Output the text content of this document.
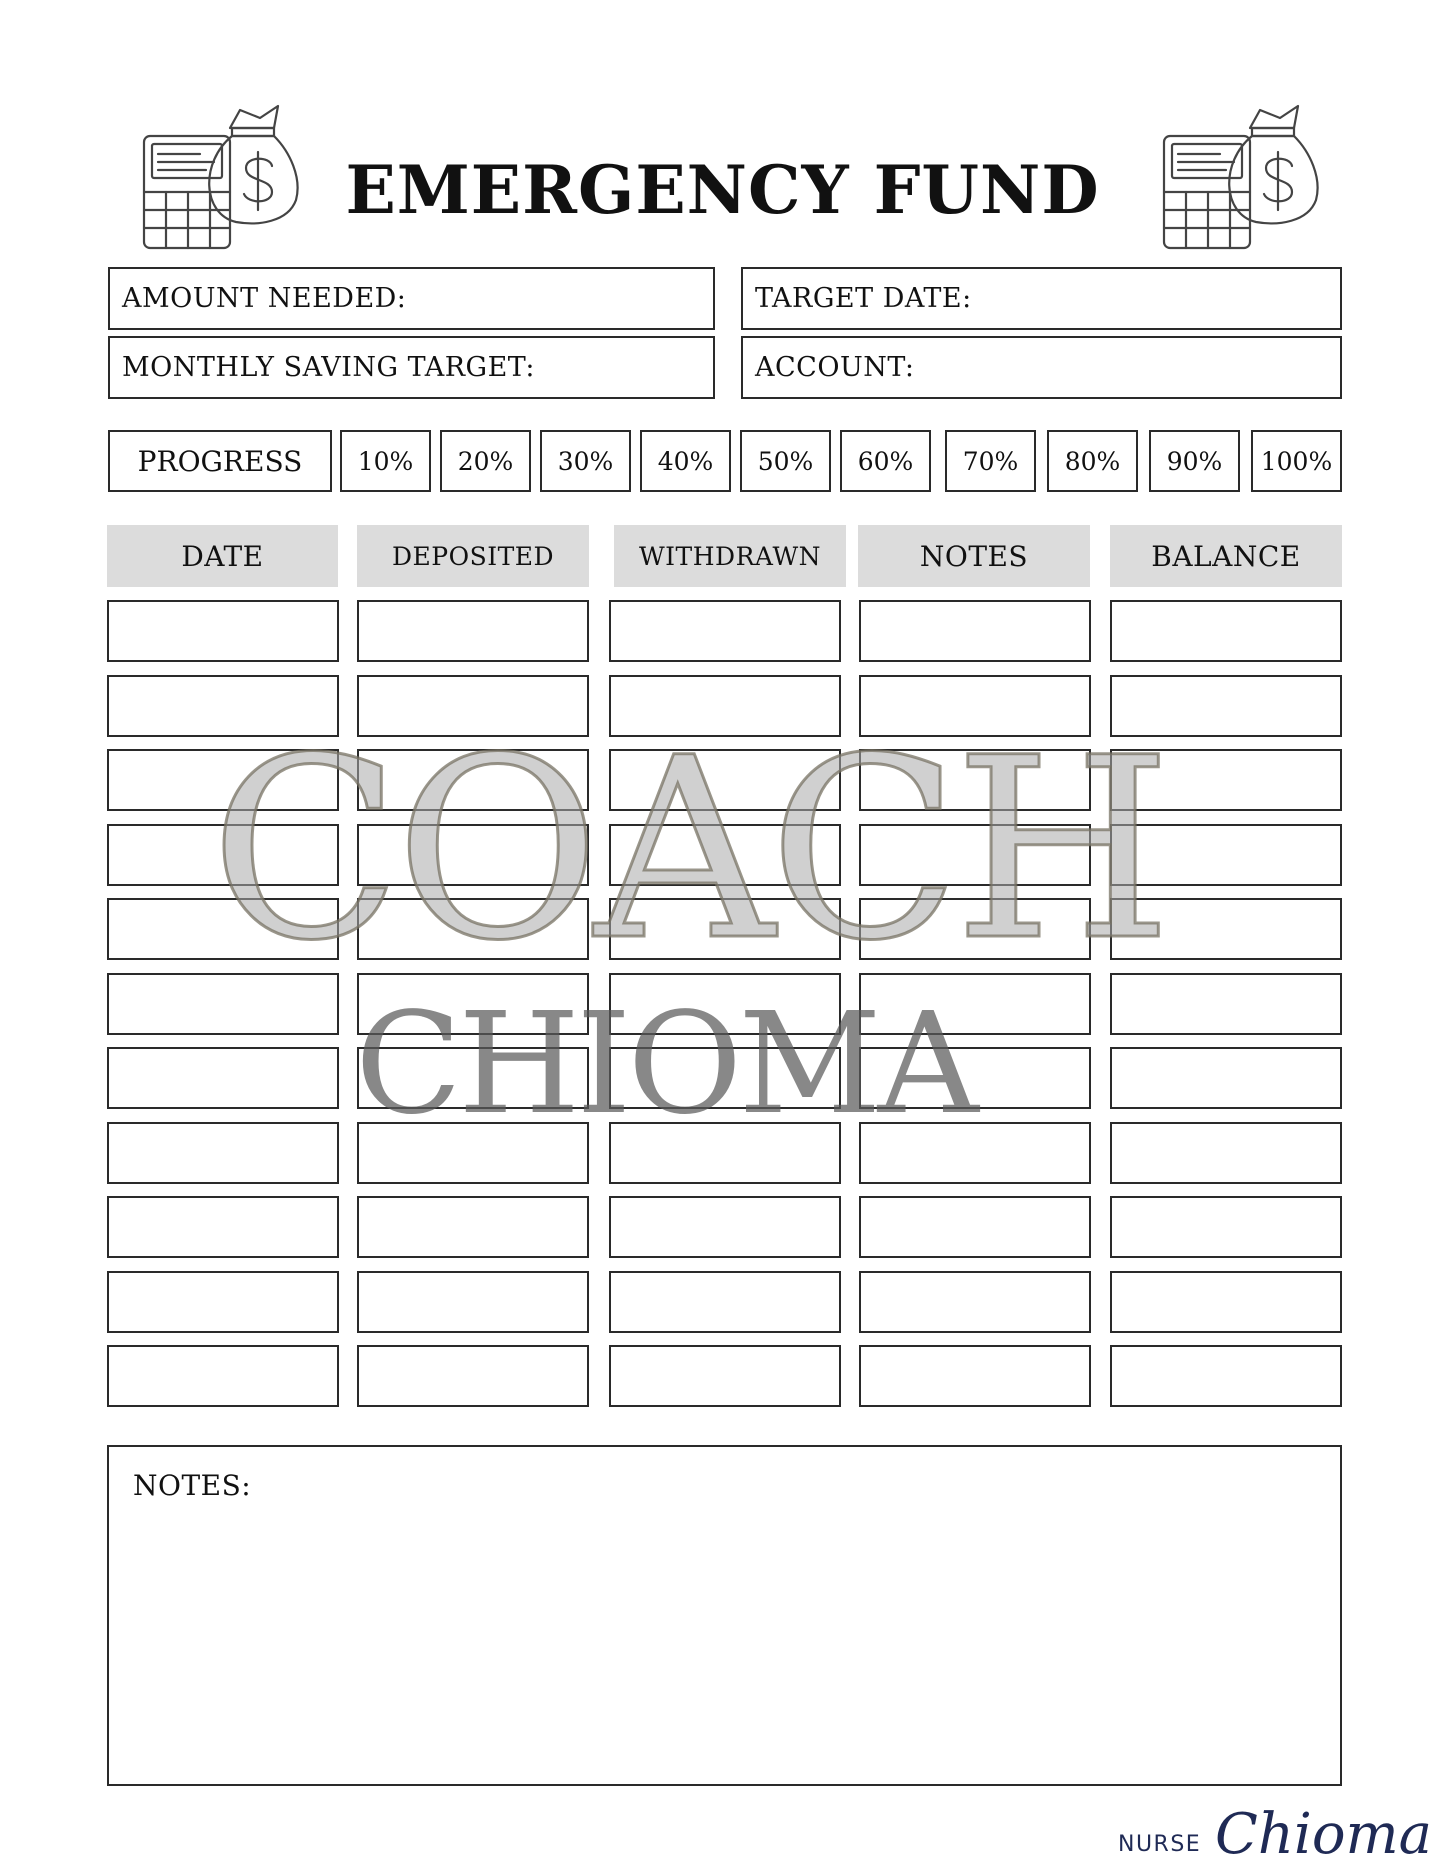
EMERGENCY FUND
AMOUNT NEEDED:	TARGET DATE:
MONTHLY SAVING TARGET:	ACCOUNT:
PROGRESS	10%	20%	30%	40%	50%	60%	70%	80%	90%	100%
DATE	DEPOSITED	WITHDRAWN	NOTES	BALANCE
COACH
CHIOMA
NOTES:
NURSE Chioma
